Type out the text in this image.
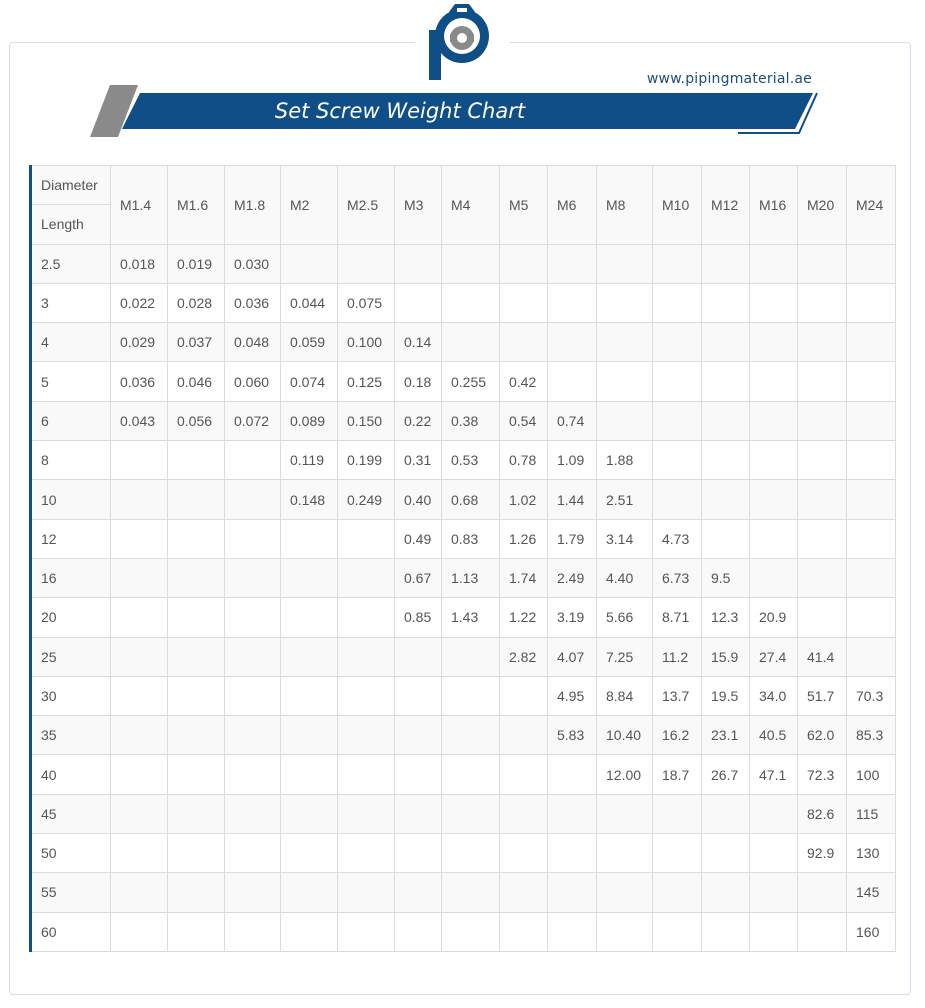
www.pipingmaterial.ae
Set Screw Weight Chart
Diameter	M1.4	M1.6	M1.8	M2	M2.5	M3	M4	M5	M6	M8	M10	M12	M16	M20	M24
Length															
2.5	0.018	0.019	0.030												
3	0.022	0.028	0.036	0.044	0.075										
4	0.029	0.037	0.048	0.059	0.100	0.14									
5	0.036	0.046	0.060	0.074	0.125	0.18	0.255	0.42							
6	0.043	0.056	0.072	0.089	0.150	0.22	0.38	0.54	0.74						
8				0.119	0.199	0.31	0.53	0.78	1.09	1.88					
10				0.148	0.249	0.40	0.68	1.02	1.44	2.51					
12						0.49	0.83	1.26	1.79	3.14	4.73				
16						0.67	1.13	1.74	2.49	4.40	6.73	9.5			
20						0.85	1.43	1.22	3.19	5.66	8.71	12.3	20.9		
25								2.82	4.07	7.25	11.2	15.9	27.4	41.4	
30									4.95	8.84	13.7	19.5	34.0	51.7	70.3
35									5.83	10.40	16.2	23.1	40.5	62.0	85.3
40										12.00	18.7	26.7	47.1	72.3	100
45														82.6	115
50														92.9	130
55															145
60															160
